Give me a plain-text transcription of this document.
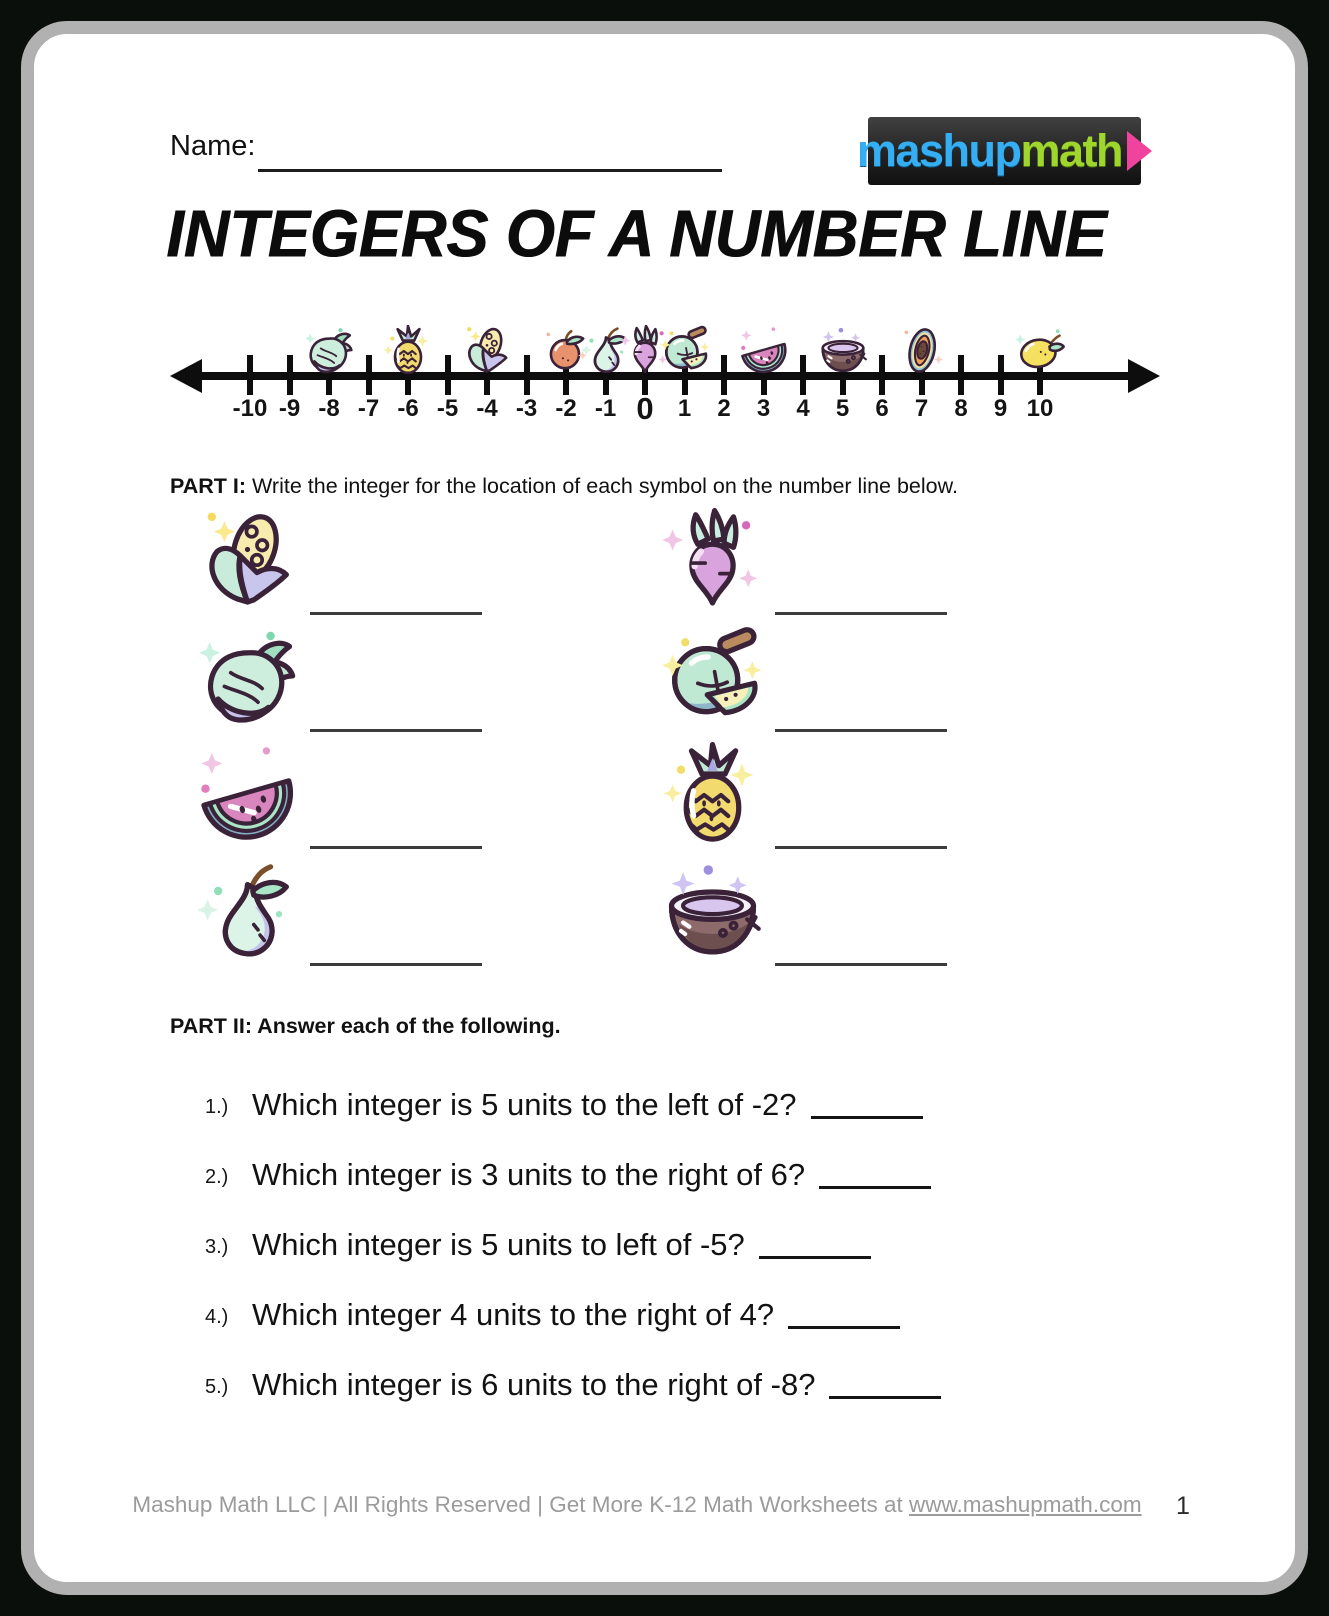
Name:	mashup math
INTEGERS OF A NUMBER LINE
-10 -9 -8 -7 -6 -5 -4 -3 -2 -1 0 1 2 3 4 5 6 7 8 9 10
PART I: Write the integer for the location of each symbol on the number line below.
PART II: Answer each of the following.
1.) Which integer is 5 units to the left of -2?
2.) Which integer is 3 units to the right of 6?
3.) Which integer is 5 units to left of -5?
4.) Which integer 4 units to the right of 4?
5.) Which integer is 6 units to the right of -8?
Mashup Math LLC | All Rights Reserved | Get More K-12 Math Worksheets at www.mashupmath.com	1
